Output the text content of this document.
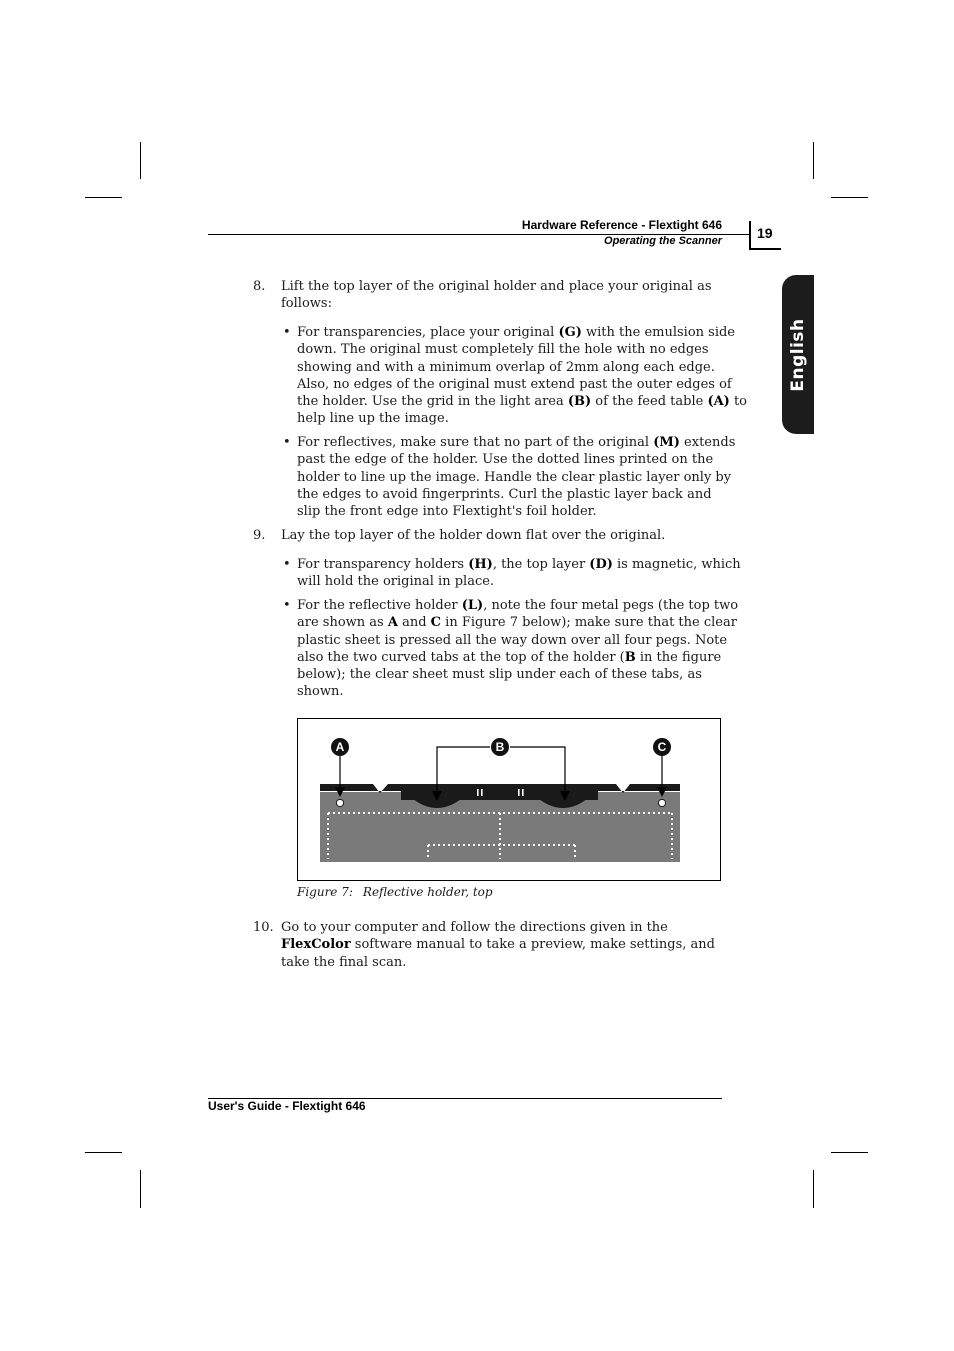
Hardware Reference - Flextight 646
Operating the Scanner	19
English
8. Lift the top layer of the original holder and place your original as
follows:
• For transparencies, place your original (G) with the emulsion side
down. The original must completely fill the hole with no edges
showing and with a minimum overlap of 2mm along each edge.
Also, no edges of the original must extend past the outer edges of
the holder. Use the grid in the light area (B) of the feed table (A) to
help line up the image.
• For reflectives, make sure that no part of the original (M) extends
past the edge of the holder. Use the dotted lines printed on the
holder to line up the image. Handle the clear plastic layer only by
the edges to avoid fingerprints. Curl the plastic layer back and
slip the front edge into Flextight's foil holder.
9. Lay the top layer of the holder down flat over the original.
• For transparency holders (H), the top layer (D) is magnetic, which
will hold the original in place.
• For the reflective holder (L), note the four metal pegs (the top two
are shown as A and C in Figure 7 below); make sure that the clear
plastic sheet is pressed all the way down over all four pegs. Note
also the two curved tabs at the top of the holder (B in the figure
below); the clear sheet must slip under each of these tabs, as
shown.
A	B	C
Figure 7: Reflective holder, top
10. Go to your computer and follow the directions given in the
FlexColor software manual to take a preview, make settings, and
take the final scan.
User's Guide - Flextight 646
